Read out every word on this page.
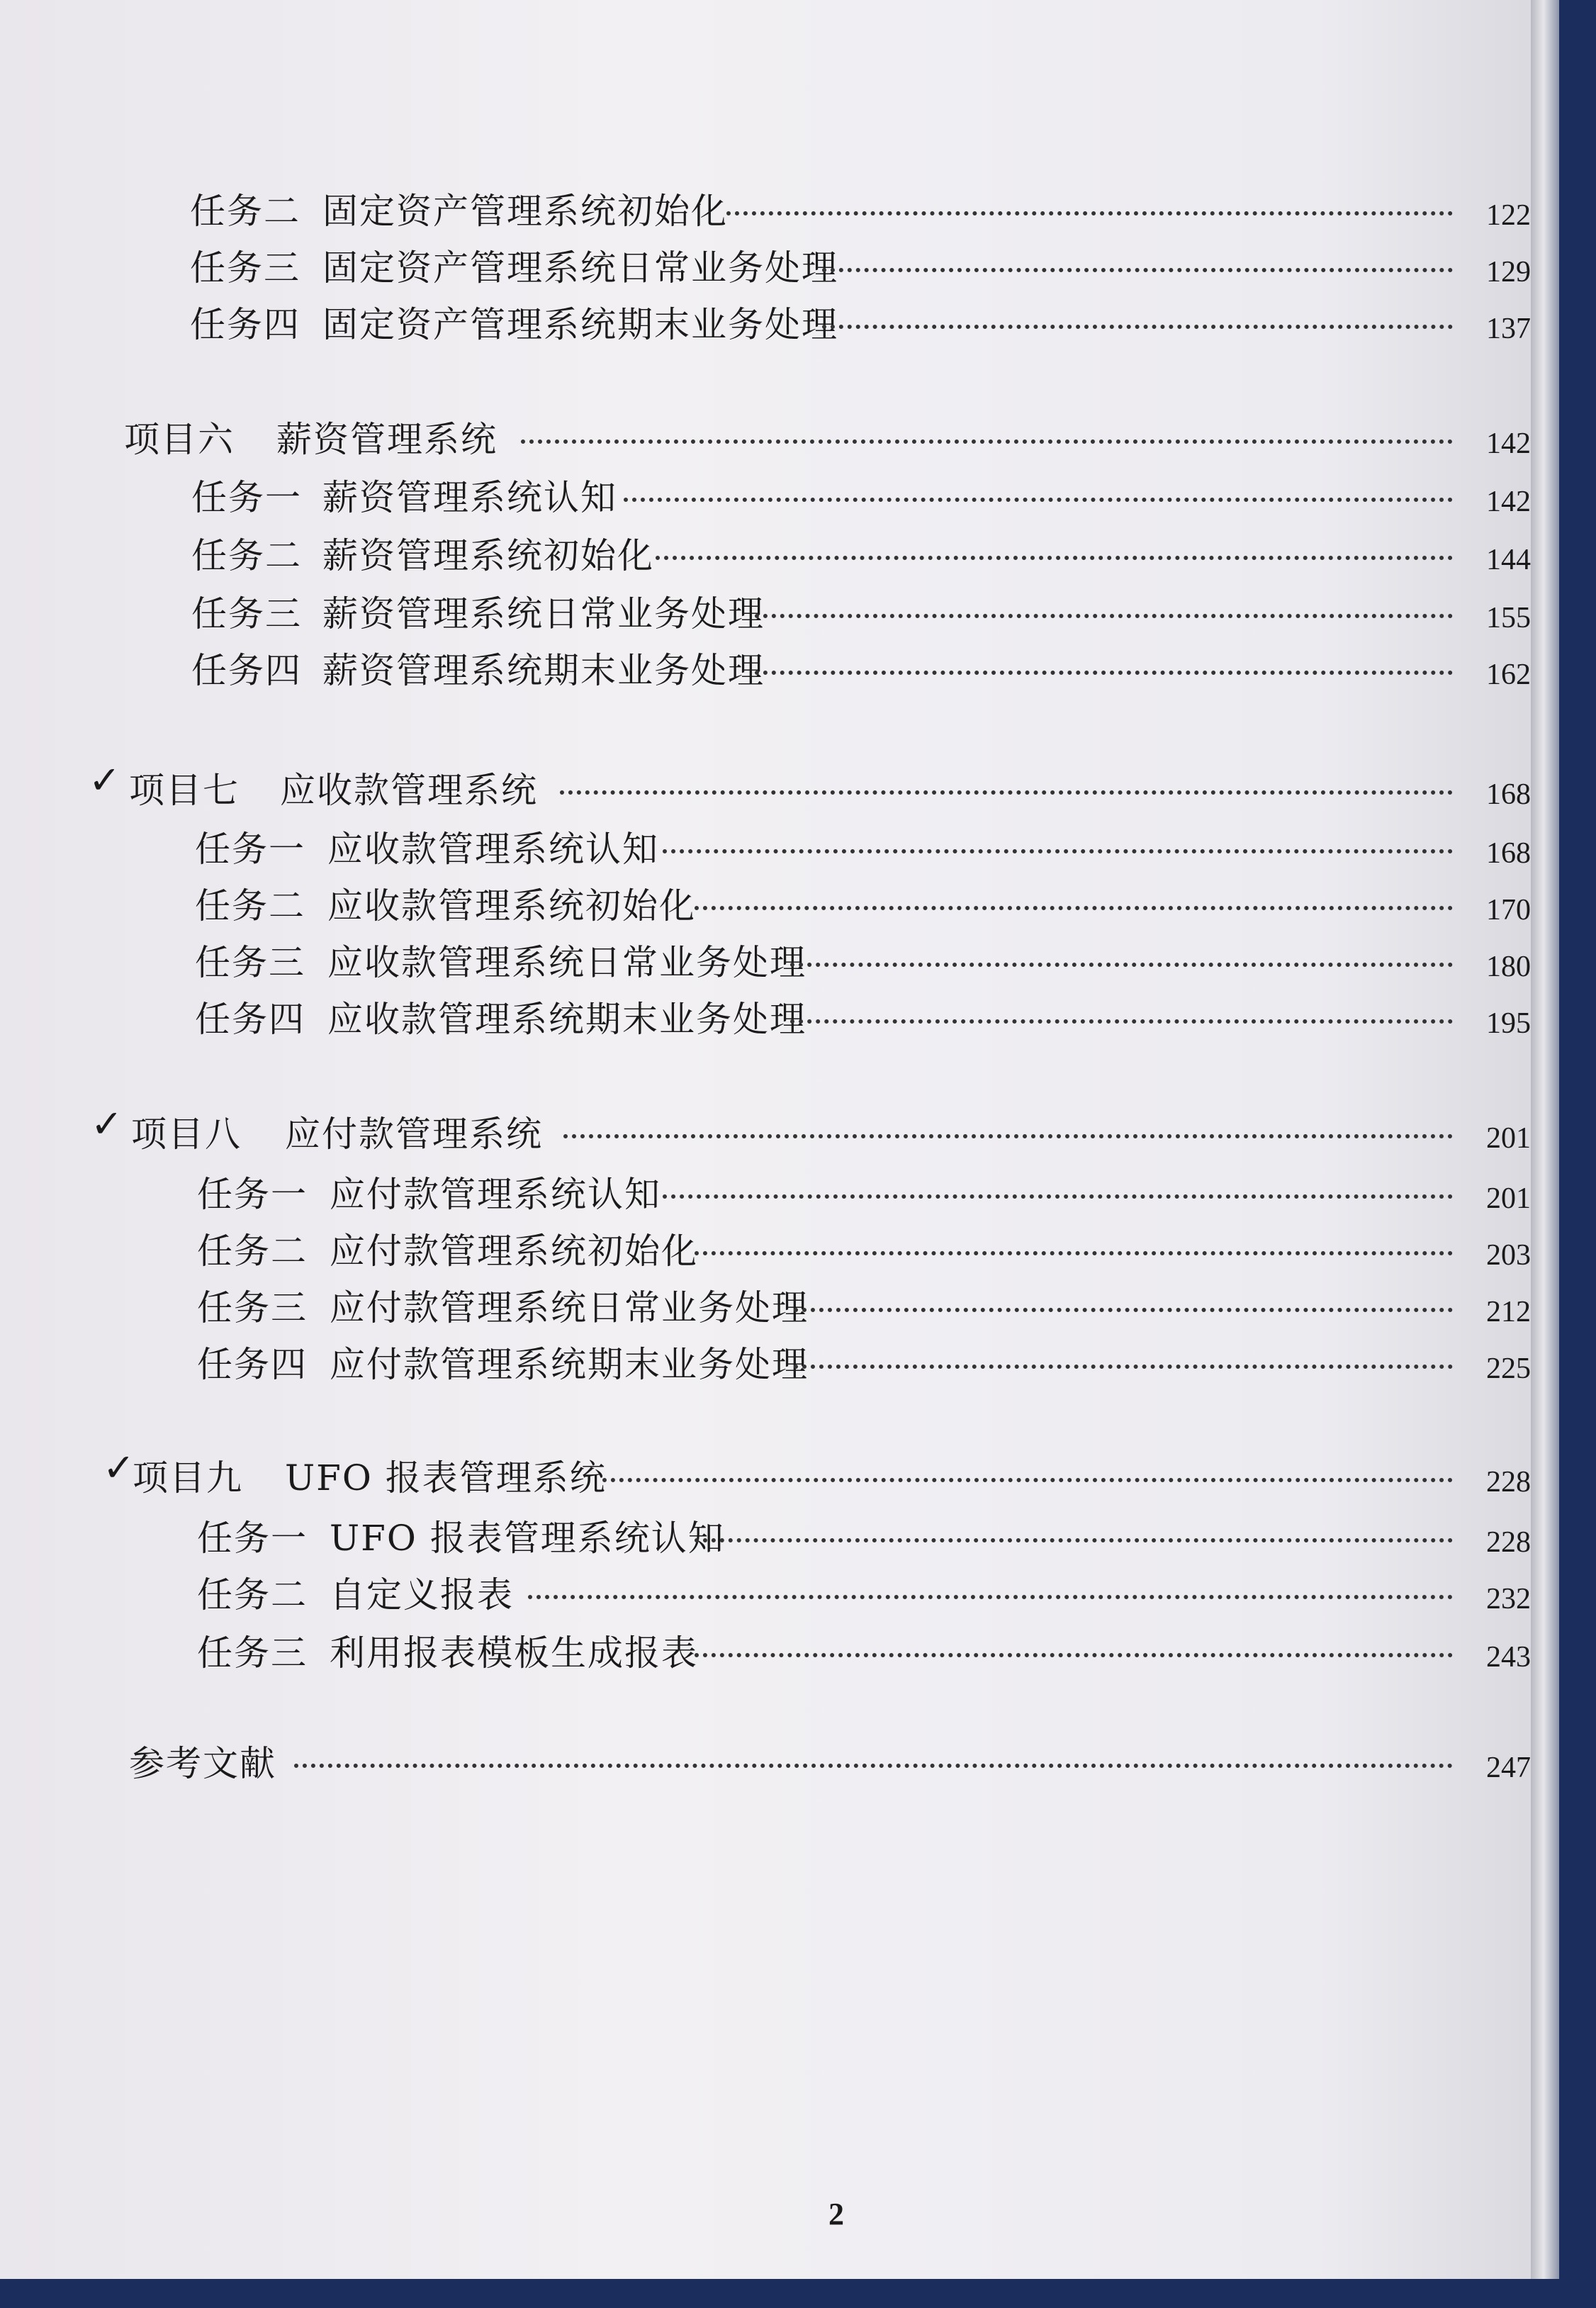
任务二 固定资产管理系统初始化	122
任务三 固定资产管理系统日常业务处理	129
任务四 固定资产管理系统期末业务处理	137
项目六 薪资管理系统	142
任务一 薪资管理系统认知	142
任务二 薪资管理系统初始化	144
任务三 薪资管理系统日常业务处理	155
任务四 薪资管理系统期末业务处理	162
✓ 项目七 应收款管理系统	168
任务一 应收款管理系统认知	168
任务二 应收款管理系统初始化	170
任务三 应收款管理系统日常业务处理	180
任务四 应收款管理系统期末业务处理	195
✓ 项目八 应付款管理系统	201
任务一 应付款管理系统认知	201
任务二 应付款管理系统初始化	203
任务三 应付款管理系统日常业务处理	212
任务四 应付款管理系统期末业务处理	225
✓
项目九 UFO 报表管理系统	228
任务一 UFO 报表管理系统认知	228
任务二 自定义报表	232
任务三 利用报表模板生成报表	243
参考文献	247
2
